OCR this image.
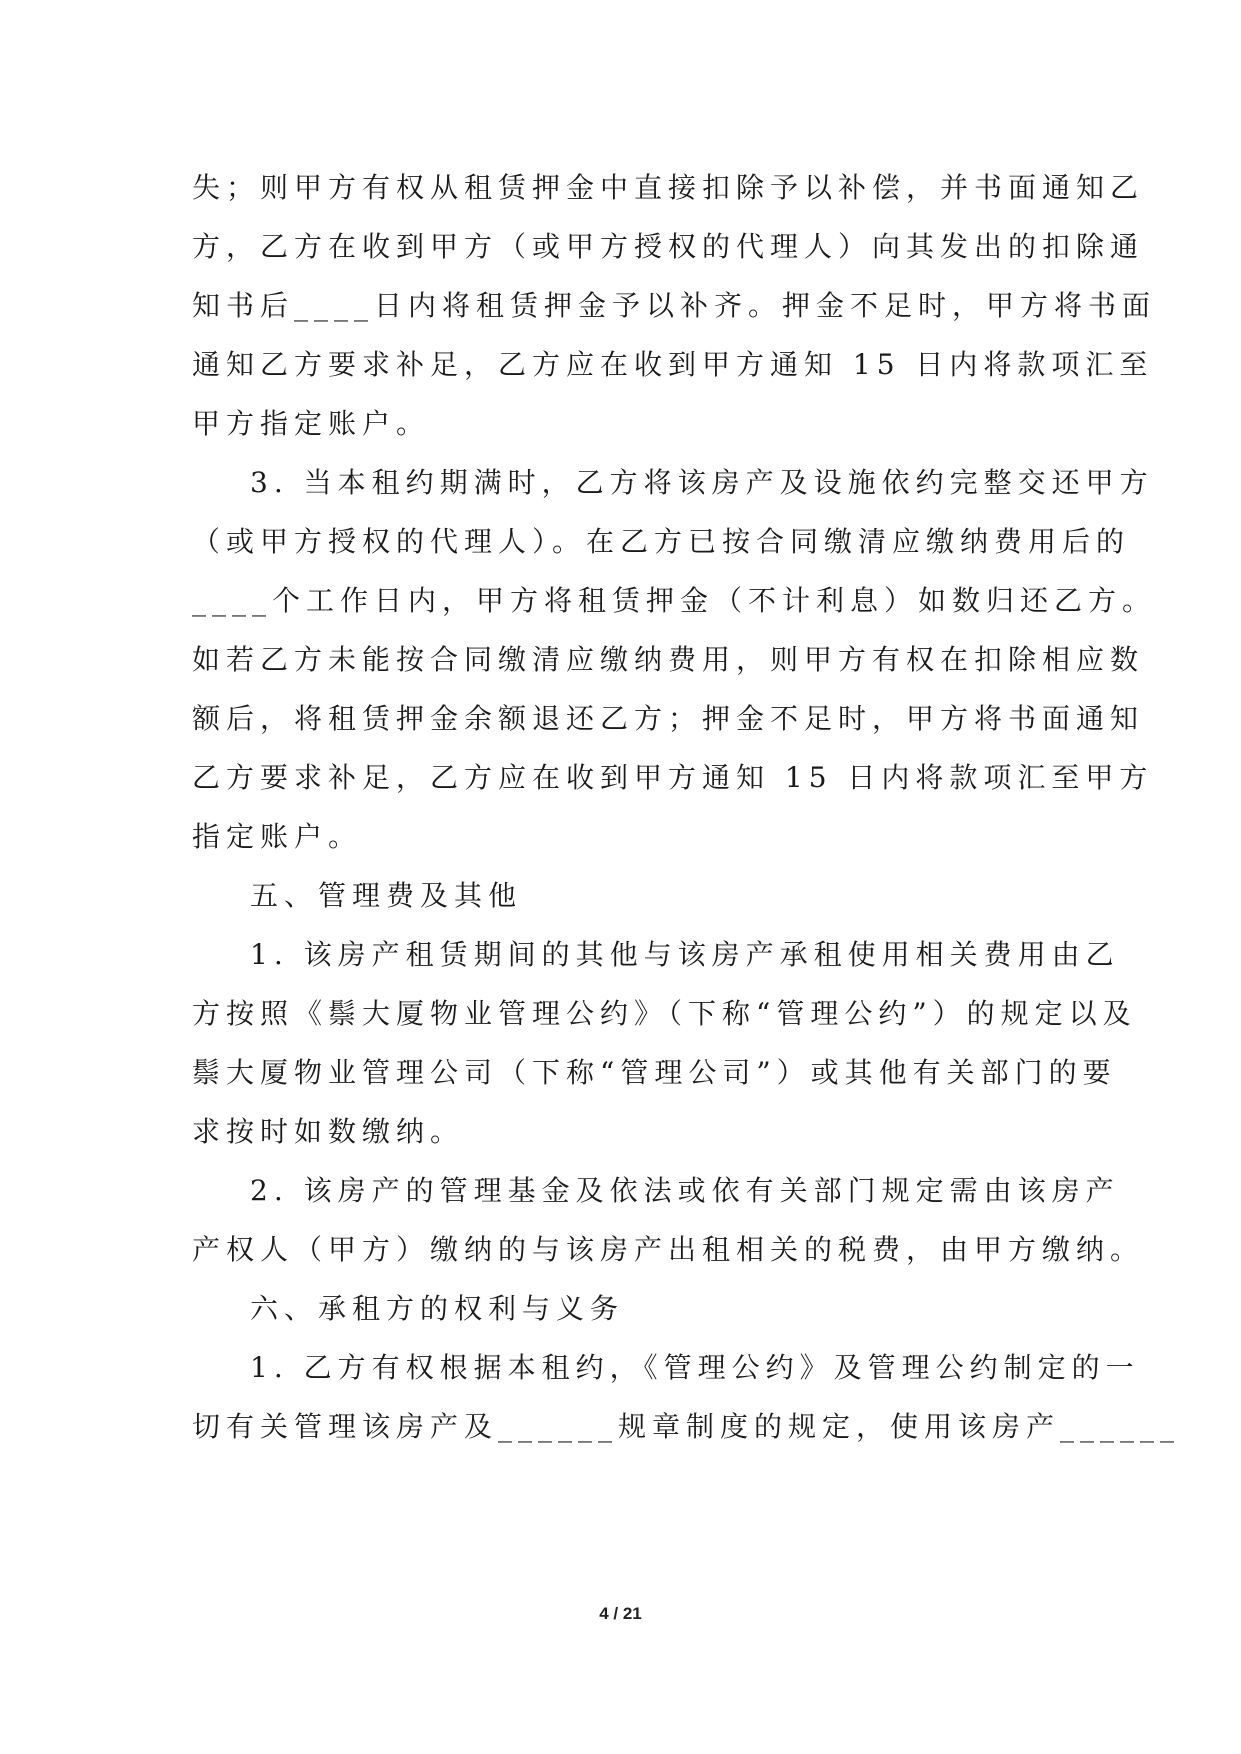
失；则甲方有权从租赁押金中直接扣除予以补偿，并书面通知乙
方，乙方在收到甲方（或甲方授权的代理人）向其发出的扣除通
知书后____日内将租赁押金予以补齐。押金不足时，甲方将书面
通知乙方要求补足，乙方应在收到甲方通知 15 日内将款项汇至
甲方指定账户。
3. 当本租约期满时，乙方将该房产及设施依约完整交还甲方
（或甲方授权的代理人）。在乙方已按合同缴清应缴纳费用后的
____个工作日内，甲方将租赁押金（不计利息）如数归还乙方。
如若乙方未能按合同缴清应缴纳费用，则甲方有权在扣除相应数
额后，将租赁押金余额退还乙方；押金不足时，甲方将书面通知
乙方要求补足，乙方应在收到甲方通知 15 日内将款项汇至甲方
指定账户。
五、管理费及其他
1. 该房产租赁期间的其他与该房产承租使用相关费用由乙
方按照《鬃大厦物业管理公约》（下称“管理公约”）的规定以及
鬃大厦物业管理公司（下称“管理公司”）或其他有关部门的要
求按时如数缴纳。
2. 该房产的管理基金及依法或依有关部门规定需由该房产
产权人（甲方）缴纳的与该房产出租相关的税费，由甲方缴纳。
六、承租方的权利与义务
1. 乙方有权根据本租约，《管理公约》及管理公约制定的一
切有关管理该房产及______规章制度的规定，使用该房产______
4 / 21
